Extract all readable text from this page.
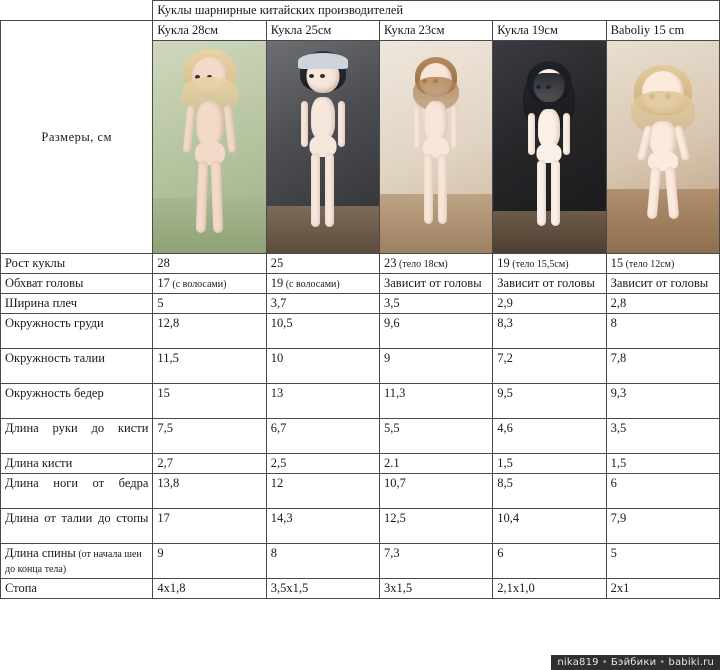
	Куклы шарнирные китайских производителей				
Размеры, см	Кукла 28см	Кукла 25см	Кукла 23см	Кукла 19см	Baboliy 15 cm

Рост куклы	28	25	23 (тело 18см)	19 (тело 15,5см)	15 (тело 12см)
Обхват головы	17 (с волосами)	19 (с волосами)	Зависит от головы	Зависит от головы	Зависит от головы
Ширина плеч	5	3,7	3,5	2,9	2,8
Окружность груди	12,8	10,5	9,6	8,3	8
Окружность талии	11,5	10	9	7,2	7,8
Окружность бедер	15	13	11,3	9,5	9,3
Длина руки до кисти	7,5	6,7	5,5	4,6	3,5
Длина кисти	2,7	2,5	2.1	1,5	1,5
Длина ноги от бедра	13,8	12	10,7	8,5	6
Длина от талии до стопы	17	14,3	12,5	10,4	7,9
Длина спины (от начала шеи до конца тела)	9	8	7,3	6	5
Стопа	4x1,8	3,5x1,5	3x1,5	2,1x1,0	2x1
nika819 • Бэйбики • babiki.ru
